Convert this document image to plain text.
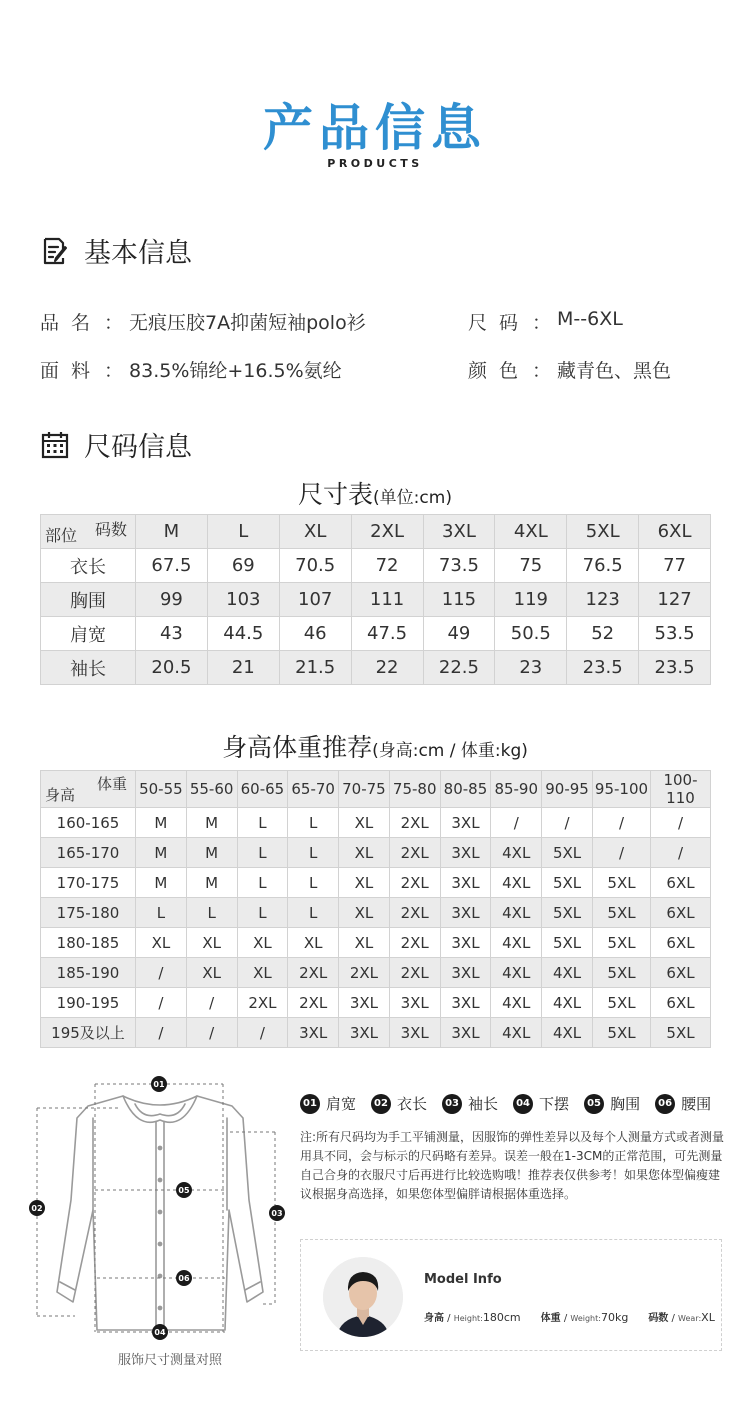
产品信息
PRODUCTS
基本信息
品名 ： 无痕压胶7A抑菌短袖polo衫	尺码 ： M--6XL
面料 ： 83.5%锦纶+16.5%氨纶	颜色 ： 藏青色、黑色
尺码信息
尺寸表(单位:cm)
码数
部位	M	L	XL	2XL	3XL	4XL	5XL	6XL
衣长	67.5	69	70.5	72	73.5	75	76.5	77
胸围	99	103	107	111	115	119	123	127
肩宽	43	44.5	46	47.5	49	50.5	52	53.5
袖长	20.5	21	21.5	22	22.5	23	23.5	23.5
身高体重推荐(身高:cm / 体重:kg)
体重
身高	50-55	55-60	60-65	65-70	70-75	75-80	80-85	85-90	90-95	95-100	100-110
160-165	M	M	L	L	XL	2XL	3XL	/	/	/	/
165-170	M	M	L	L	XL	2XL	3XL	4XL	5XL	/	/
170-175	M	M	L	L	XL	2XL	3XL	4XL	5XL	5XL	6XL
175-180	L	L	L	L	XL	2XL	3XL	4XL	5XL	5XL	6XL
180-185	XL	XL	XL	XL	XL	2XL	3XL	4XL	5XL	5XL	6XL
185-190	/	XL	XL	2XL	2XL	2XL	3XL	4XL	4XL	5XL	6XL
190-195	/	/	2XL	2XL	3XL	3XL	3XL	4XL	4XL	5XL	6XL
195及以上	/	/	/	3XL	3XL	3XL	3XL	4XL	4XL	5XL	5XL
01
02
03
04
05
06
服饰尺寸测量对照
01 肩宽	02 衣长	03 袖长	04 下摆	05 胸围	06 腰围
注:所有尺码均为手工平铺测量，因服饰的弹性差异以及每个人测量方式或者测量用具不同，会与标示的尺码略有差异。误差一般在1-3CM的正常范围，可先测量自己合身的衣服尺寸后再进行比较选购哦！推荐表仅供参考！如果您体型偏瘦建议根据身高选择，如果您体型偏胖请根据体重选择。
Model Info
身高 / Height:180cm 体重 / Weight:70kg 码数 / Wear:XL
